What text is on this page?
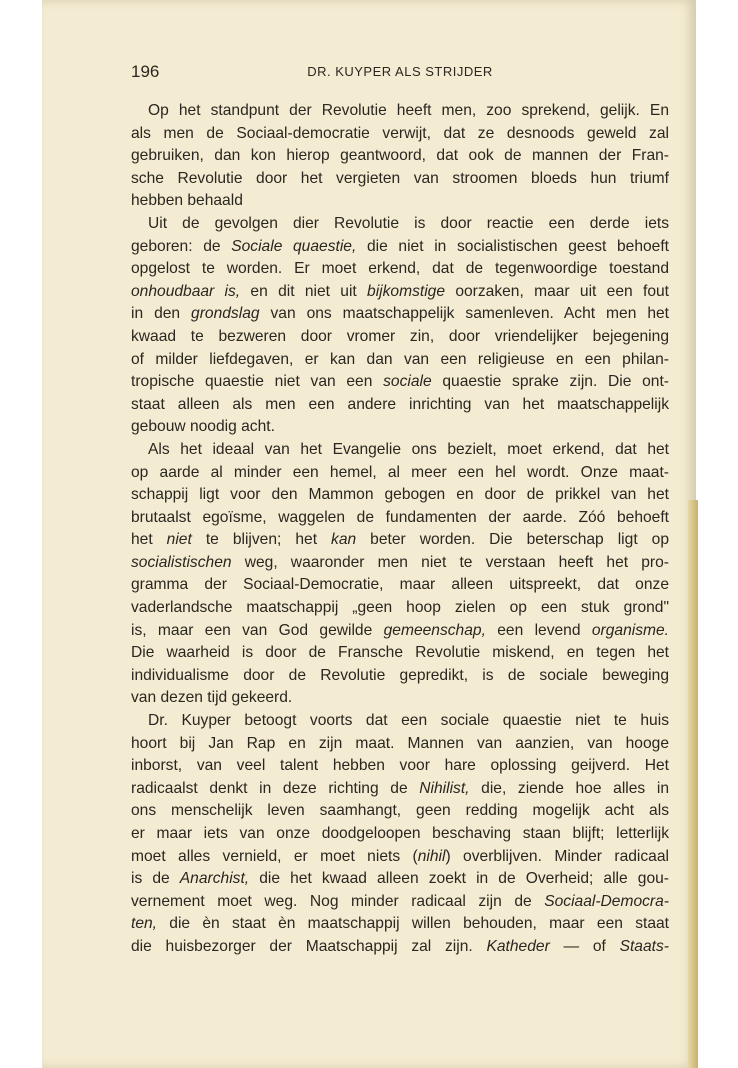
196	DR. KUYPER ALS STRIJDER
Op het standpunt der Revolutie heeft men, zoo sprekend, gelijk. En
als men de Sociaal-democratie verwijt, dat ze desnoods geweld zal
gebruiken, dan kon hierop geantwoord, dat ook de mannen der Fran-
sche Revolutie door het vergieten van stroomen bloeds hun triumf
hebben behaald
Uit de gevolgen dier Revolutie is door reactie een derde iets
geboren: de Sociale quaestie, die niet in socialistischen geest behoeft
opgelost te worden. Er moet erkend, dat de tegenwoordige toestand
onhoudbaar is, en dit niet uit bijkomstige oorzaken, maar uit een fout
in den grondslag van ons maatschappelijk samenleven. Acht men het
kwaad te bezweren door vromer zin, door vriendelijker bejegening
of milder liefdegaven, er kan dan van een religieuse en een philan-
tropische quaestie niet van een sociale quaestie sprake zijn. Die ont-
staat alleen als men een andere inrichting van het maatschappelijk
gebouw noodig acht.
Als het ideaal van het Evangelie ons bezielt, moet erkend, dat het
op aarde al minder een hemel, al meer een hel wordt. Onze maat-
schappij ligt voor den Mammon gebogen en door de prikkel van het
brutaalst egoïsme, waggelen de fundamenten der aarde. Zóó behoeft
het niet te blijven; het kan beter worden. Die beterschap ligt op
socialistischen weg, waaronder men niet te verstaan heeft het pro-
gramma der Sociaal-Democratie, maar alleen uitspreekt, dat onze
vaderlandsche maatschappij „geen hoop zielen op een stuk grond"
is, maar een van God gewilde gemeenschap, een levend organisme.
Die waarheid is door de Fransche Revolutie miskend, en tegen het
individualisme door de Revolutie gepredikt, is de sociale beweging
van dezen tijd gekeerd.
Dr. Kuyper betoogt voorts dat een sociale quaestie niet te huis
hoort bij Jan Rap en zijn maat. Mannen van aanzien, van hooge
inborst, van veel talent hebben voor hare oplossing geijverd. Het
radicaalst denkt in deze richting de Nihilist, die, ziende hoe alles in
ons menschelijk leven saamhangt, geen redding mogelijk acht als
er maar iets van onze doodgeloopen beschaving staan blijft; letterlijk
moet alles vernield, er moet niets (nihil) overblijven. Minder radicaal
is de Anarchist, die het kwaad alleen zoekt in de Overheid; alle gou-
vernement moet weg. Nog minder radicaal zijn de Sociaal-Democra-
ten, die èn staat èn maatschappij willen behouden, maar een staat
die huisbezorger der Maatschappij zal zijn. Katheder — of Staats-
